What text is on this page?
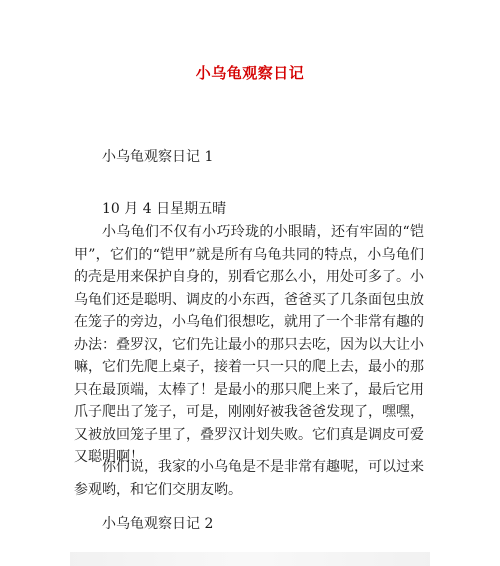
小乌龟观察日记
小乌龟观察日记 1
10 月 4 日星期五晴
小乌龟们不仅有小巧玲珑的小眼睛，还有牢固的“铠甲”，它们的“铠甲”就是所有乌龟共同的特点，小乌龟们的壳是用来保护自身的，别看它那么小，用处可多了。小乌龟们还是聪明、调皮的小东西，爸爸买了几条面包虫放在笼子的旁边，小乌龟们很想吃，就用了一个非常有趣的办法：叠罗汉，它们先让最小的那只去吃，因为以大让小嘛，它们先爬上桌子，接着一只一只的爬上去，最小的那只在最顶端，太棒了！是最小的那只爬上来了，最后它用爪子爬出了笼子，可是，刚刚好被我爸爸发现了，嘿嘿，又被放回笼子里了，叠罗汉计划失败。它们真是调皮可爱又聪明啊！
你们说，我家的小乌龟是不是非常有趣呢，可以过来参观哟，和它们交朋友哟。
小乌龟观察日记 2
